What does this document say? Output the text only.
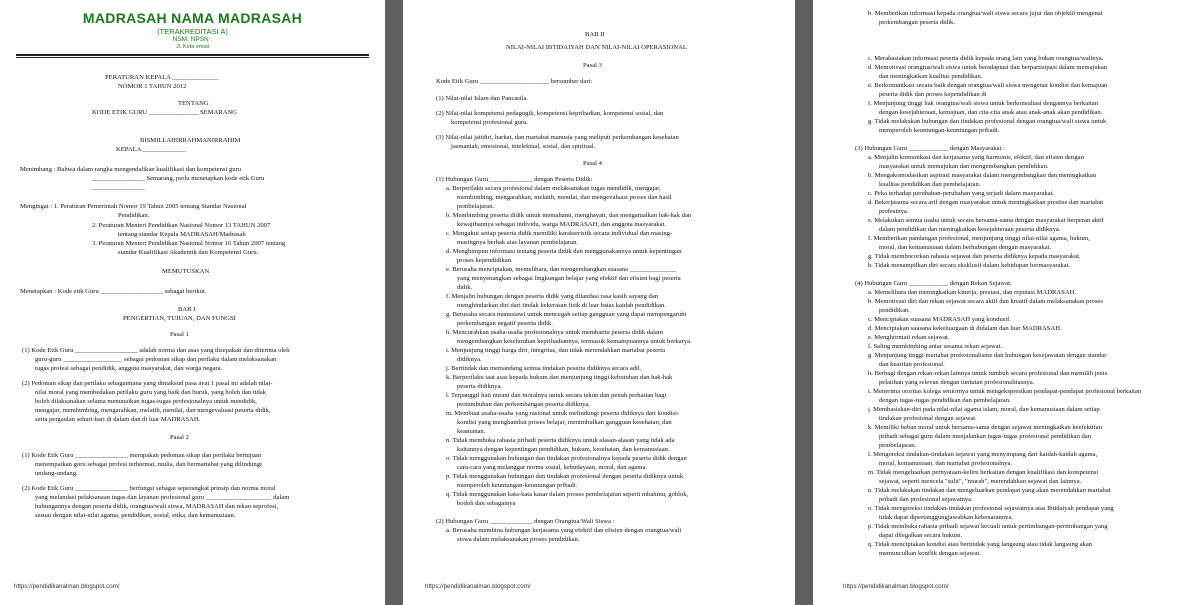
MADRASAH NAMA MADRASAH
(TERAKREDITASI A)
NSM: NPSN :
Jl. Kota email
PERATURAN KEPALA ______________
NOMOR 1 TAHUN 2012
TENTANG
KODE ETIK GURU _______________ SEMARANG
BISMILLAHIRRAHMANIRRAHIM
KEPALA _____________
Menimbang : Bahwa dalam rangka mengendalikan kualifikasi dan kompetensi guru
________________ Semarang, perlu menetapkan kode etik Guru
________________
Mengingat : 1. Peraturan Pemerintah Nomor 19 Tahun 2005 tentang Standar Nasional
Pendidikan.
2. Peraturan Menteri Pendidikan Nasional Nomor 13 TAHUN 2007
tentang standar Kepala MADRASAH/Madrasah
3. Peraturan Menteri Pendidikan Nasional Nomor 16 Tahun 2007 tentang
standar Kualifikasi Akademik dan Kompetensi Guru.
MEMUTUSKAN
Menetapkan : Kode etik Guru ___________________ sebagai berikut.
BAB I
PENGERTIAN, TUJUAN, DAN FUNGSI
Pasal 1
(1) Kode Etik Guru ___________________ adalah norma dan asas yang disepakati dan diterima oleh
guru-guru __________________ sebagai pedoman sikap dan perilaku dalam melaksanakan
tugas profesi sebagai pendidik, anggota masyarakat, dan warga negara.
(2) Pedoman sikap dan perilaku sebagaimana yang dimaksud pasa ayat 1 pasal ini adalah nilai-
nilai moral yang membedakan perilaku guru yang baik dan buruk, yang boleh dan tidak
boleh dilaksanakan selama menunaikan tugas-tugas profesionalnya untuk mendidik,
mengajar, membimbing, mengarahkan, melatih, menilai, dan mengevaluasi peserta didik,
serta pergaulan sehari-hari di dalam dan di luar MADRASAH.
Pasal 2
(1) Kode Etik Guru ________________ merupakan pedoman sikap dan perilaku bertujuan
menempatkan guru sebagai profesi terhormat, mulia, dan bermartabat yang dilindungi
undang-undang.
(2) Kode Etik Guru ________________ berfungsi sebagai seperangkat prinsip dan norma moral
yang melandasi pelaksanaan tugas dan layanan profesional guru ____________________ dalam
hubungannya dengan peserta didik, orangtua/wali siswa, MADRASAH dan rekan seprofesi,
sesuai dengan nilai-nilai agama, pendidikan, sosial, etika, dan kemanusiaan.
https://pendidikanalman.blogspot.com/
BAB II
NILAI-NILAI IBTIDAIYAH DAN NILAI-NILAI OPERASIONAL
Pasal 3
Kode Etik Guru _____________________ bersumber dari:
(1) Nilai-nilai Islam dan Pancasila.
(2) Nilai-nilai kompetensi pedagogik, kompetensi kepribadian, kompetensi sosial, dan
kompetensi profesional guru.
(3) Nilai-nilai jatidiri, harkat, dan martabat manusia yang meliputi perkembangan kesehatan
jasmaniah, emosional, intelektual, sosial, dan spiritual.
Pasal 4
(1) Hubungan Guru _____________ dengan Peserta Didik:
a. Berperilaku secara profesional dalam melaksanakan tugas mendidik, mengajar,
membimbing, mengarahkan, melatih, menilai, dan mengevaluasi proses dan hasil
pembelajaran.
b. Membimbing peserta didik untuk memahami, menghayati, dan mengamalkan hak-hak dan
kewajibannya sebagai individu, warga MADRASAH, dan anggota masyarakat.
c. Mengakui setiap peserta didik memiliki karakteristik secara individual dan masing-
masingnya berhak atas layanan pembelajaran.
d. Menghimpun informasi tentang peserta didik dan menggunakannya untuk kepentingan
proses kependidikan.
e. Berusaha menciptakan, memelihara, dan mengembangkan suasana ______________
yang menyenangkan sebagai lingkungan belajar yang efektif dan efisien bagi peserta
didik.
f. Menjalin hubungan dengan peserta didik yang dilandasi rasa kasih sayang dan
menghindarkan diri dari tindak kekerasan fisik di luar batas kaidah pendidikan.
g. Berusaha secara manusiawi untuk mencegah setiap gangguan yang dapat mempengaruhi
perkembangan negatif peserta didik.
h. Mencurahkan usaha-usaha profesionalnya untuk membantu peserta didik dalam
mengembangkan keseluruhan kepribadiannya, termasuk kemampuannya untuk berkarya.
i. Menjunjung tinggi harga diri, integritas, dan tidak merendahkan martabat peserta
didiknya.
j. Bertindak dan memandang semua tindakan peserta didiknya secara adil.
k. Berperilaku taat asas kepada hukum dan menjunjung tinggi kebutuhan dan hak-hak
peserta didiknya.
l. Terpanggil hati nurani dan moralnya untuk secara tekun dan penuh perhatian bagi
pertumbuhan dan perkembangan peserta didiknya.
m. Membuat usaha-usaha yang rasional untuk melindungi peserta didiknya dari kondisi-
kondisi yang menghambat proses belajar, menimbulkan gangguan kesehatan, dan
keamanan.
n. Tidak membuka rahasia pribadi peserta didiknya untuk alasan-alasan yang tidak ada
kaitannya dengan kepentingan pendidikan, hukum, kesehatan, dan kemanusiaan.
o. Tidak menggunakan hubungan dan tindakan profesionalnya kepada peserta didik dengan
cara-cara yang melanggar norma sosial, kebudayaan, moral, dan agama.
p. Tidak menggunakan hubungan dan tindakan profesional dengan peserta didiknya untuk
memperoleh keuntungan-keuntungan pribadi.
q. Tidak menggunakan kata-kata kasar dalam proses pembelajaran seperti mbahmu, goblok,
bodoh dan sebagainya
(2) Hubungan Guru _____________ dengan Orangtua/Wali Siswa :
a. Berusaha membina hubungan kerjasama yang efektif dan efisien dengan orangtua/wali
siswa dalam melaksanakan proses pendidikan.
https://pendidikanalman.blogspot.com/
b. Memberikan informasi kepada orangtua/wali siswa secara jujur dan objektif mengenai
perkembangan peserta didik.
c. Merahasiakan informasi peserta didik kepada orang lain yang bukan orangtua/walinya.
d. Memotivasi orangtua/wali siswa untuk beradaptasi dan berpartisipasi dalam memajukan
dan meningkatkan kualitas pendidikan.
e. Berkomunikasi secara baik dengan orangtua/wali siswa mengenai kondisi dan kemajuan
peserta didik dan proses kependidikan di
f. Menjunjung tinggi hak orangtua/wali siswa untuk berkonsultasi dengannya berkaitan
dengan kesejahteraan, kemajuan, dan cita-cita anak atau anak-anak akan pendidikan.
g. Tidak melakukan hubungan dan tindakan profesional dengan orangtua/wali siswa untuk
memperoleh keuntungan-keuntungan pribadi.
(3) Hubungan Guru ____________ dengan Masyarakat :
a. Menjalin komunikasi dan kerjasama yang harmonis, efektif, dan efisien dengan
masyarakat untuk memajukan dan mengembangkan pendidikan.
b. Mengakomodasikan aspirasi masyarakat dalam mengembangkan dan meningkatkan
kualitas pendidikan dan pembelajaran.
c. Peka terhadap perubahan-perubahan yang terjadi dalam masyarakat.
d. Bekerjasama secara arif dengan masyarakat untuk meningkatkan prestise dan martabat
profesinya.
e. Melakukan semua usaha untuk secara bersama-sama dengan masyarakat berperan aktif
dalam pendidikan dan meningkatkan kesejahteraan peserta didiknya.
f. Memberikan pandangan profesional, menjunjung tinggi nilai-nilai agama, hukum,
moral, dan kemanusiaan dalam berhubungan dengan masyarakat.
g. Tidak membocorkan rahasia sejawat dan peserta didiknya kepada masyarakat.
h. Tidak menampilkan diri secara eksklusif dalam kehidupan bermasyarakat.
(4) Hubungan Guru ____________ dengan Rekan Sejawat:
a. Memelihara dan meningkatkan kinerja, prestasi, dan reputasi MADRASAH.
b. Memotivasi diri dan rekan sejawat secara aktif dan kreatif dalam melaksanakan proses
pendidikan.
c. Menciptakan suasana MADRASAH yang kondusif.
d. Menciptakan suasana kekeluargaan di didalam dan luar MADRASAH.
e. Menghormati rekan sejawat.
f. Saling membimbing antar sesama rekan sejawat.
g. Menjunjung tinggi martabat profesionalisme dan hubungan kesejawatan dengan standar
dan kearifan profesional.
h. Berbagi dengan rekan-rekan lainnya untuk tumbuh secara profesional dan memilih jenis
pelatihan yang relevan dengan tuntutan profesionalitasnya.
i. Menerima otoritas kolega seniornya untuk mengekspresikan pendapat-pendapat profesional berkaitan
dengan tugas-tugas pendidikan dan pembelajaran.
j. Membasiskan-diri pada nilai-nilai agama islam, moral, dan kemanusiaan dalam setiap
tindakan profesional dengan sejawat.
k. Memiliki beban moral untuk bersama-sama dengan sejawat meningkatkan keefektifan
pribadi sebagai guru dalam menjalankan tugas-tugas profesional pendidikan dan
pembelajaran.
l. Mengoreksi tindakan-tindakan sejawat yang menyimpang dari kaidah-kaidah agama,
moral, kemanusiaan, dan martabat profesionalnya.
m. Tidak mengeluarkan pernyataan-keliru berkaitan dengan kualifikasi dan kompetensi
sejawat, seperti mencela "sulit", "murah", merendahkan sejawat dan lainnya.
n. Tidak melakukan tindakan dan mengeluarkan pendapat yang akan merendahkan martabat
pribadi dan profesional sejawatnya.
o. Tidak mengoreksi tindakan-tindakan profesional sejawatnya atas Ibtidaiyah pendapat yang
tidak dapat dipertanggungjawabkan kebenarannya.
p. Tidak membuka rahasia pribadi sejawat kecuali untuk pertimbangan-pertimbangan yang
dapat dilegalkan secara hukum.
q. Tidak menciptakan kondisi atau bertindak yang langsung atau tidak langsung akan
memunculkan konflik dengan sejawat.
https://pendidikanalman.blogspot.com/
